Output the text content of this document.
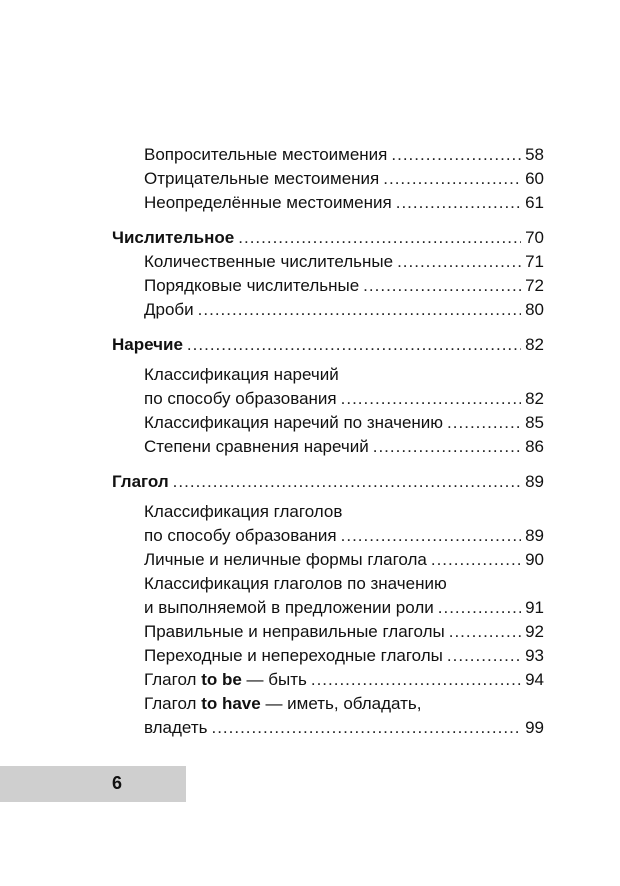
Вопросительные местоимения .....	58
Отрицательные местоимения .....	60
Неопределённые местоимения .....	61
Числительное .....	70
Количественные числительные .....	71
Порядковые числительные .....	72
Дроби .....	80
Наречие .....	82
Классификация наречий
по способу образования .....	82
Классификация наречий по значению .....	85
Степени сравнения наречий .....	86
Глагол .....	89
Классификация глаголов
по способу образования .....	89
Личные и неличные формы глагола .....	90
Классификация глаголов по значению
и выполняемой в предложении роли .....	91
Правильные и неправильные глаголы .....	92
Переходные и непереходные глаголы .....	93
Глагол to be — быть .....	94
Глагол to have — иметь, обладать,
владеть .....	99
6
